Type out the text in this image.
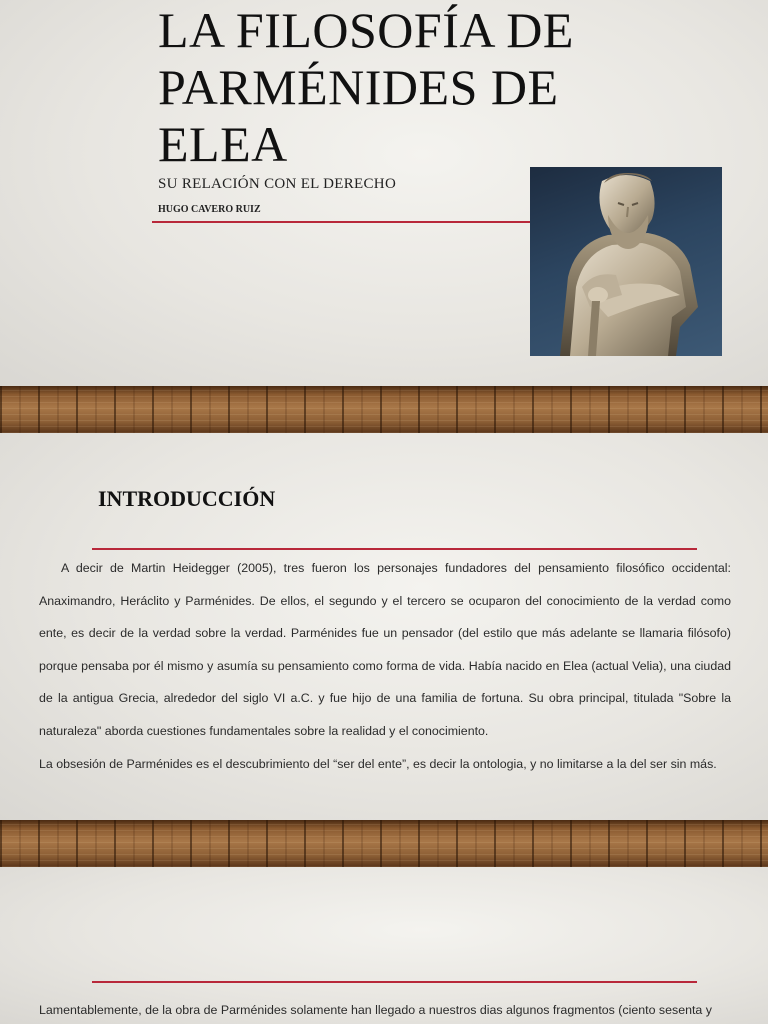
LA FILOSOFÍA DE
PARMÉNIDES DE
ELEA
SU RELACIÓN CON EL DERECHO
HUGO CAVERO RUIZ
INTRODUCCIÓN

A decir de Martin Heidegger (2005), tres fueron los personajes fundadores del pensamiento filosófico occidental: Anaximandro, Heráclito y Parménides. De ellos, el segundo y el tercero se ocuparon del conocimiento de la verdad como ente, es decir de la verdad sobre la verdad. Parménides fue un pensador (del estilo que más adelante se llamaria filósofo) porque pensaba por él mismo y asumía su pensamiento como forma de vida. Había nacido en Elea (actual Velia), una ciudad de la antigua Grecia, alrededor del siglo VI a.C. y fue hijo de una familia de fortuna. Su obra principal, titulada "Sobre la naturaleza" aborda cuestiones fundamentales sobre la realidad y el conocimiento.

La obsesión de Parménides es el descubrimiento del “ser del ente”, es decir la ontologia, y no limitarse a la del ser sin más.

Lamentablemente, de la obra de Parménides solamente han llegado a nuestros dias algunos fragmentos (ciento sesenta y
